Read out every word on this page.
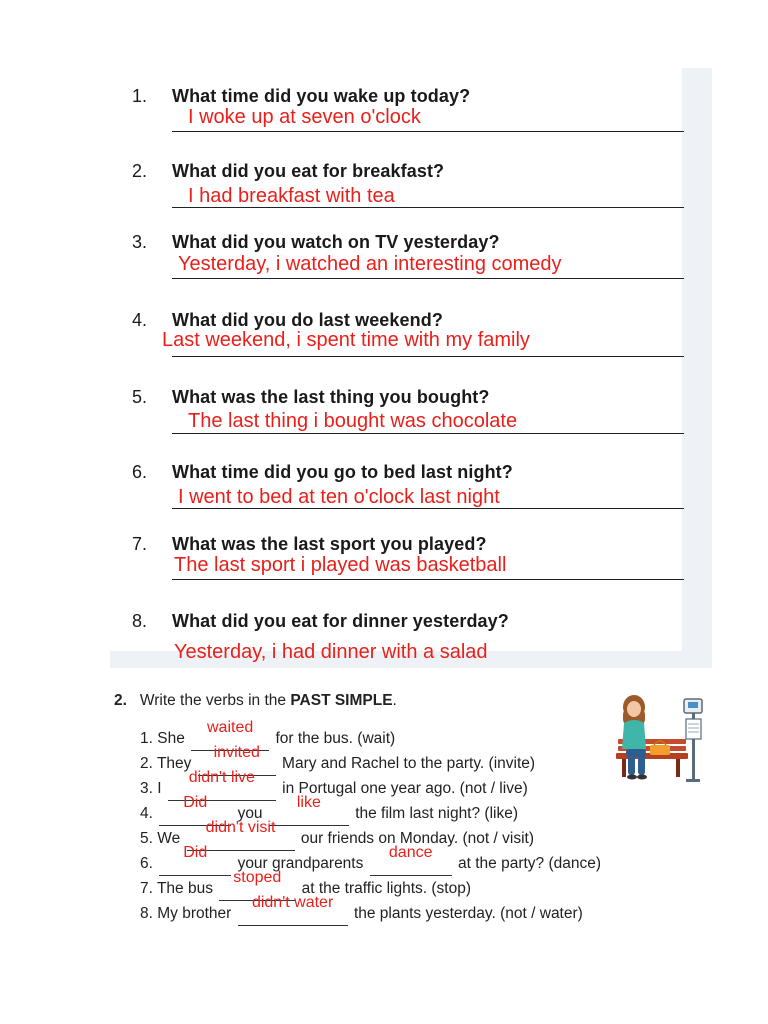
1. What time did you wake up today?
I woke up at seven o'clock
2. What did you eat for breakfast?
I had breakfast with tea
3. What did you watch on TV yesterday?
Yesterday, i watched an interesting comedy
4. What did you do last weekend?
Last weekend, i spent time with my family
5. What was the last thing you bought?
The last thing i bought was chocolate
6. What time did you go to bed last night?
I went to bed at ten o'clock last night
7. What was the last sport you played?
The last sport i played was basketball
8. What did you eat for dinner yesterday?
Yesterday, i had dinner with a salad
2. Write the verbs in the PAST SIMPLE.
1. She
waited
for the bus. (wait)
2. They
invited
Mary and Rachel to the party. (invite)
3. I
didn't live
in Portugal one year ago. (not / live)
4.
Did
you
like
the film last night? (like)
5. We
didn't visit
our friends on Monday. (not / visit)
6.
Did
your grandparents
dance
at the party? (dance)
7. The bus
stoped
at the traffic lights. (stop)
8. My brother
didn't water
the plants yesterday. (not / water)
